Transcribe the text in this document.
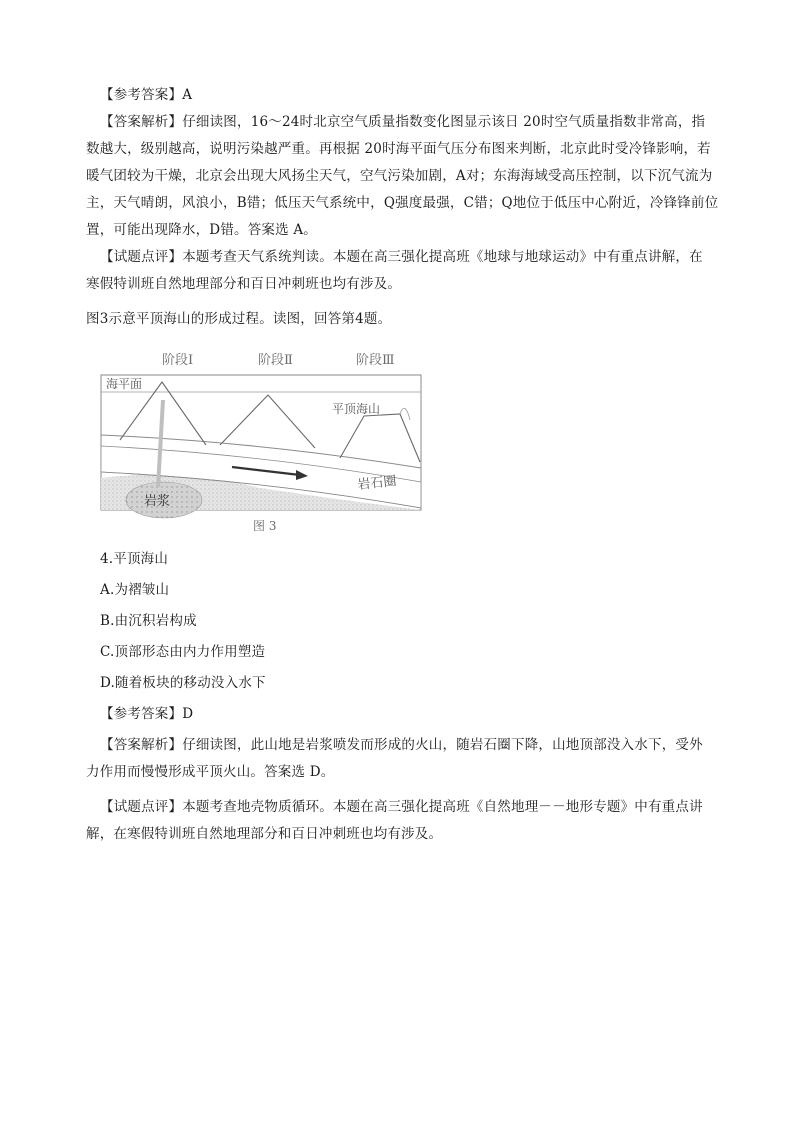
【参考答案】A
【答案解析】仔细读图，16～24时北京空气质量指数变化图显示该日 20时空气质量指数非常高，指
数越大，级别越高，说明污染越严重。再根据 20时海平面气压分布图来判断，北京此时受冷锋影响，若
暖气团较为干燥，北京会出现大风扬尘天气，空气污染加剧，A对；东海海域受高压控制，以下沉气流为
主，天气晴朗，风浪小，B错；低压天气系统中，Q强度最强，C错；Q地位于低压中心附近，冷锋锋前位
置，可能出现降水，D错。答案选 A。
【试题点评】本题考查天气系统判读。本题在高三强化提高班《地球与地球运动》中有重点讲解，在
寒假特训班自然地理部分和百日冲刺班也均有涉及。
图3示意平顶海山的形成过程。读图，回答第4题。
阶段Ⅰ	阶段Ⅱ	阶段Ⅲ
海平面
平顶海山
岩石圈
岩浆
图 3
4.平顶海山
A.为褶皱山
B.由沉积岩构成
C.顶部形态由内力作用塑造
D.随着板块的移动没入水下
【参考答案】D
【答案解析】仔细读图，此山地是岩浆喷发而形成的火山，随岩石圈下降，山地顶部没入水下，受外
力作用而慢慢形成平顶火山。答案选 D。
【试题点评】本题考查地壳物质循环。本题在高三强化提高班《自然地理－－地形专题》中有重点讲
解，在寒假特训班自然地理部分和百日冲刺班也均有涉及。
